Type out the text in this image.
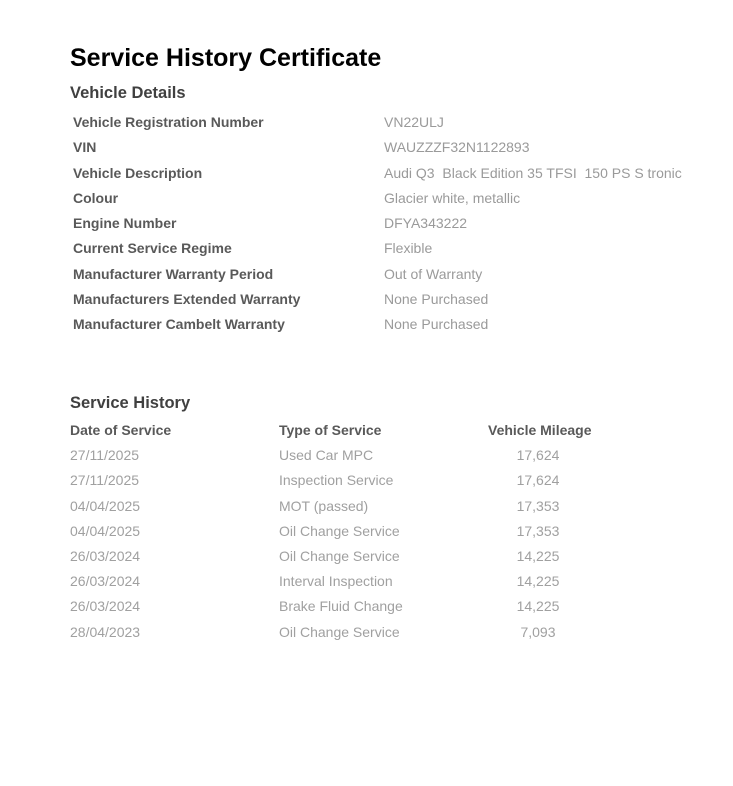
Service History Certificate
Vehicle Details
Vehicle Registration Number	VN22ULJ
VIN	WAUZZZF32N1122893
Vehicle Description	Audi Q3  Black Edition 35 TFSI  150 PS S tronic
Colour	Glacier white, metallic
Engine Number	DFYA343222
Current Service Regime	Flexible
Manufacturer Warranty Period	Out of Warranty
Manufacturers Extended Warranty	None Purchased
Manufacturer Cambelt Warranty	None Purchased
Service History
Date of Service	Type of Service	Vehicle Mileage
27/11/2025	Used Car MPC	17,624
27/11/2025	Inspection Service	17,624
04/04/2025	MOT (passed)	17,353
04/04/2025	Oil Change Service	17,353
26/03/2024	Oil Change Service	14,225
26/03/2024	Interval Inspection	14,225
26/03/2024	Brake Fluid Change	14,225
28/04/2023	Oil Change Service	7,093
